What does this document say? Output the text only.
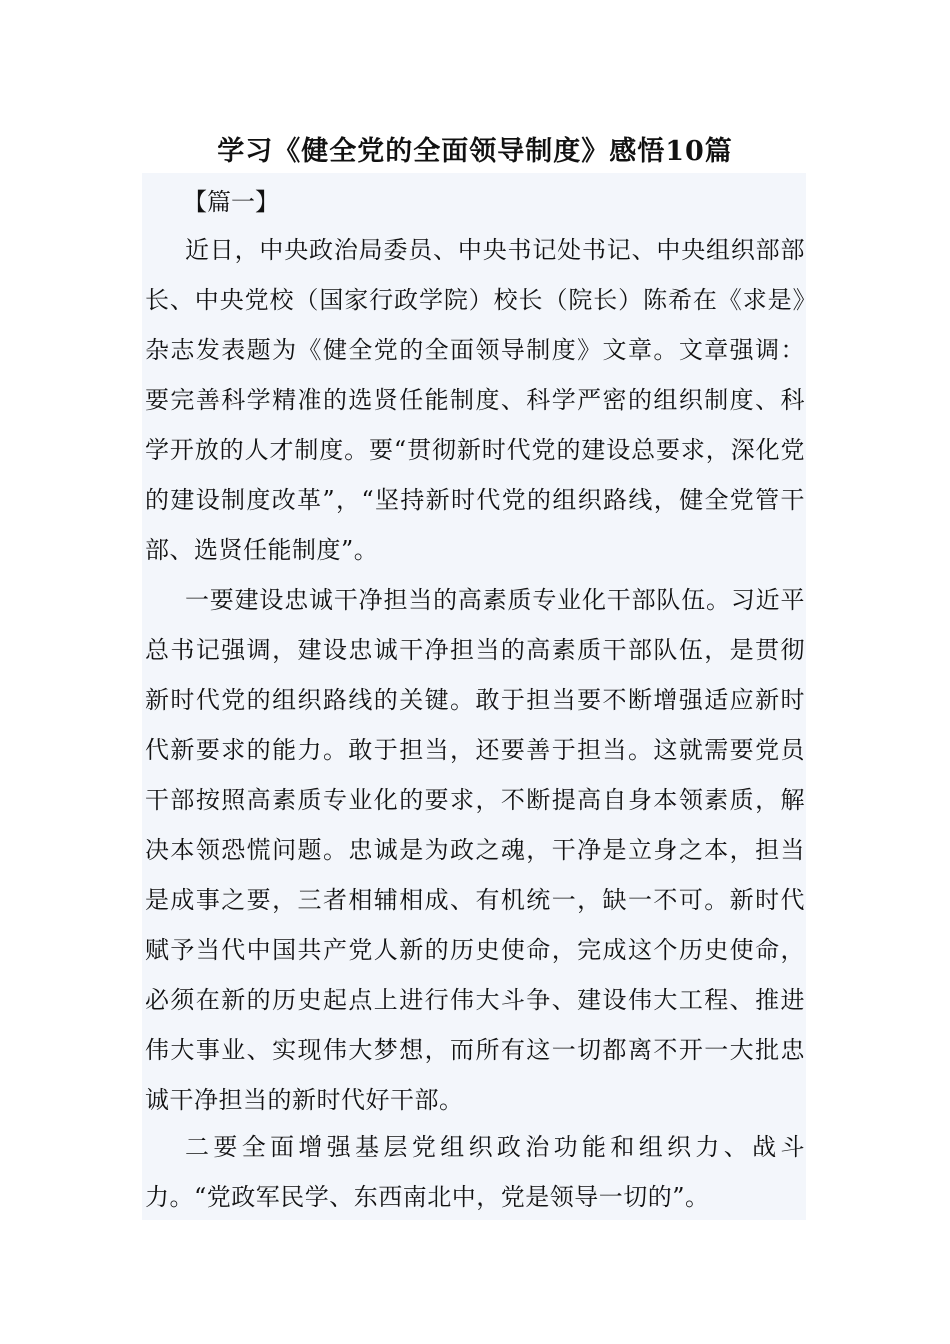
学习《健全党的全面领导制度》感悟10篇
【篇一】
近日，中央政治局委员、中央书记处书记、中央组织部部长、中央党校（国家行政学院）校长（院长）陈希在《求是》杂志发表题为《健全党的全面领导制度》文章。文章强调：要完善科学精准的选贤任能制度、科学严密的组织制度、科学开放的人才制度。要“贯彻新时代党的建设总要求，深化党的建设制度改革”，“坚持新时代党的组织路线，健全党管干部、选贤任能制度”。
一要建设忠诚干净担当的高素质专业化干部队伍。习近平总书记强调，建设忠诚干净担当的高素质干部队伍，是贯彻新时代党的组织路线的关键。敢于担当要不断增强适应新时代新要求的能力。敢于担当，还要善于担当。这就需要党员干部按照高素质专业化的要求，不断提高自身本领素质，解决本领恐慌问题。忠诚是为政之魂，干净是立身之本，担当是成事之要，三者相辅相成、有机统一，缺一不可。新时代赋予当代中国共产党人新的历史使命，完成这个历史使命，必须在新的历史起点上进行伟大斗争、建设伟大工程、推进伟大事业、实现伟大梦想，而所有这一切都离不开一大批忠诚干净担当的新时代好干部。
二要全面增强基层党组织政治功能和组织力、战斗力。“党政军民学、东西南北中，党是领导一切的”。
